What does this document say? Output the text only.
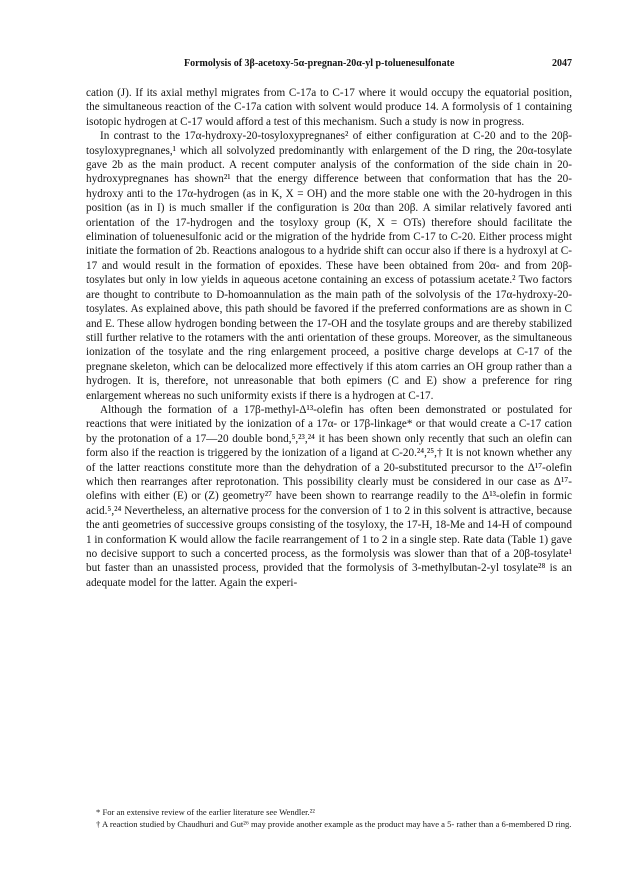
Formolysis of 3β-acetoxy-5α-pregnan-20α-yl p-toluenesulfonate	2047

cation (J). If its axial methyl migrates from C-17a to C-17 where it would occupy the equatorial position, the simultaneous reaction of the C-17a cation with solvent would produce 14. A formolysis of 1 containing isotopic hydrogen at C-17 would afford a test of this mechanism. Such a study is now in progress.

In contrast to the 17α-hydroxy-20-tosyloxypregnanes² of either configuration at C-20 and to the 20β-tosyloxypregnanes,¹ which all solvolyzed predominantly with enlargement of the D ring, the 20α-tosylate gave 2b as the main product. A recent computer analysis of the conformation of the side chain in 20-hydroxypregnanes has shown²¹ that the energy difference between that conformation that has the 20-hydroxy anti to the 17α-hydrogen (as in K, X = OH) and the more stable one with the 20-hydrogen in this position (as in I) is much smaller if the configuration is 20α than 20β. A similar relatively favored anti orientation of the 17-hydrogen and the tosyloxy group (K, X = OTs) therefore should facilitate the elimination of toluenesulfonic acid or the migration of the hydride from C-17 to C-20. Either process might initiate the formation of 2b. Reactions analogous to a hydride shift can occur also if there is a hydroxyl at C-17 and would result in the formation of epoxides. These have been obtained from 20α- and from 20β-tosylates but only in low yields in aqueous acetone containing an excess of potassium acetate.² Two factors are thought to contribute to D-homoannulation as the main path of the solvolysis of the 17α-hydroxy-20-tosylates. As explained above, this path should be favored if the preferred conformations are as shown in C and E. These allow hydrogen bonding between the 17-OH and the tosylate groups and are thereby stabilized still further relative to the rotamers with the anti orientation of these groups. Moreover, as the simultaneous ionization of the tosylate and the ring enlargement proceed, a positive charge develops at C-17 of the pregnane skeleton, which can be delocalized more effectively if this atom carries an OH group rather than a hydrogen. It is, therefore, not unreasonable that both epimers (C and E) show a preference for ring enlargement whereas no such uniformity exists if there is a hydrogen at C-17.

Although the formation of a 17β-methyl-Δ¹³-olefin has often been demonstrated or postulated for reactions that were initiated by the ionization of a 17α- or 17β-linkage* or that would create a C-17 cation by the protonation of a 17—20 double bond,⁵,²³,²⁴ it has been shown only recently that such an olefin can form also if the reaction is triggered by the ionization of a ligand at C-20.²⁴,²⁵,† It is not known whether any of the latter reactions constitute more than the dehydration of a 20-substituted precursor to the Δ¹⁷-olefin which then rearranges after reprotonation. This possibility clearly must be considered in our case as Δ¹⁷-olefins with either (E) or (Z) geometry²⁷ have been shown to rearrange readily to the Δ¹³-olefin in formic acid.⁵,²⁴ Nevertheless, an alternative process for the conversion of 1 to 2 in this solvent is attractive, because the anti geometries of successive groups consisting of the tosyloxy, the 17-H, 18-Me and 14-H of compound 1 in conformation K would allow the facile rearrangement of 1 to 2 in a single step. Rate data (Table 1) gave no decisive support to such a concerted process, as the formolysis was slower than that of a 20β-tosylate¹ but faster than an unassisted process, provided that the formolysis of 3-methylbutan-2-yl tosylate²⁸ is an adequate model for the latter. Again the experi-

* For an extensive review of the earlier literature see Wendler.²²

† A reaction studied by Chaudhuri and Gut²⁶ may provide another example as the product may have a 5- rather than a 6-membered D ring.
